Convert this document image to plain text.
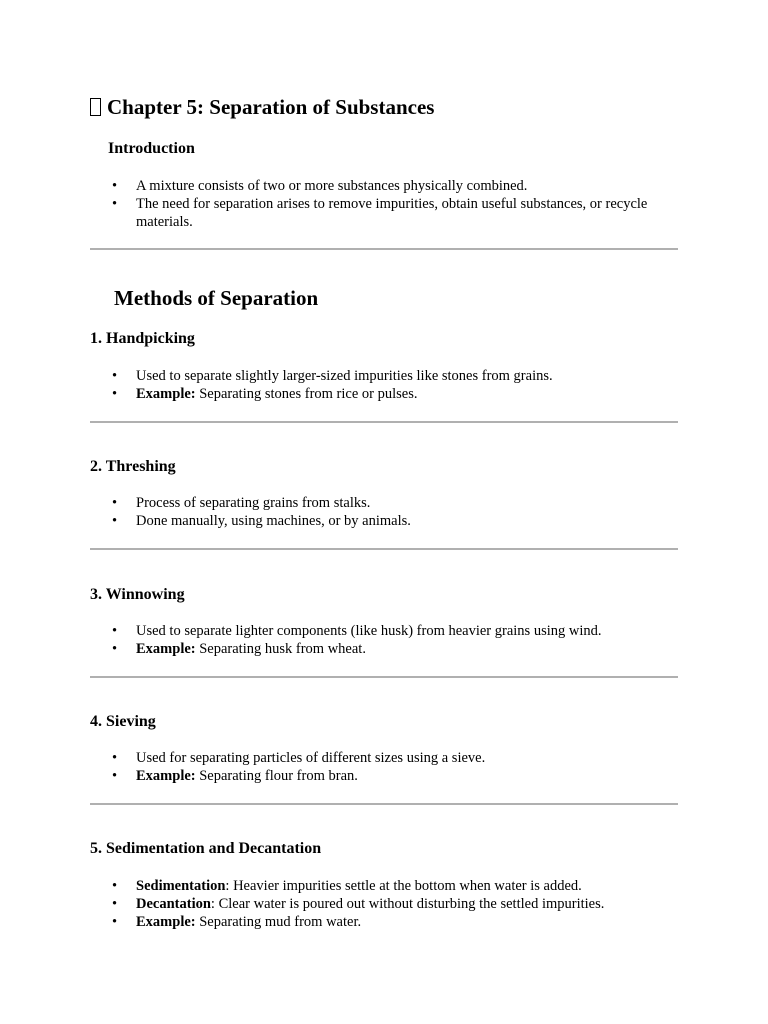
Chapter 5: Separation of Substances
Introduction
• A mixture consists of two or more substances physically combined.
• The need for separation arises to remove impurities, obtain useful substances, or recycle materials.
Methods of Separation
1. Handpicking
• Used to separate slightly larger-sized impurities like stones from grains.
• Example: Separating stones from rice or pulses.
2. Threshing
• Process of separating grains from stalks.
• Done manually, using machines, or by animals.
3. Winnowing
• Used to separate lighter components (like husk) from heavier grains using wind.
• Example: Separating husk from wheat.
4. Sieving
• Used for separating particles of different sizes using a sieve.
• Example: Separating flour from bran.
5. Sedimentation and Decantation
• Sedimentation: Heavier impurities settle at the bottom when water is added.
• Decantation: Clear water is poured out without disturbing the settled impurities.
• Example: Separating mud from water.
